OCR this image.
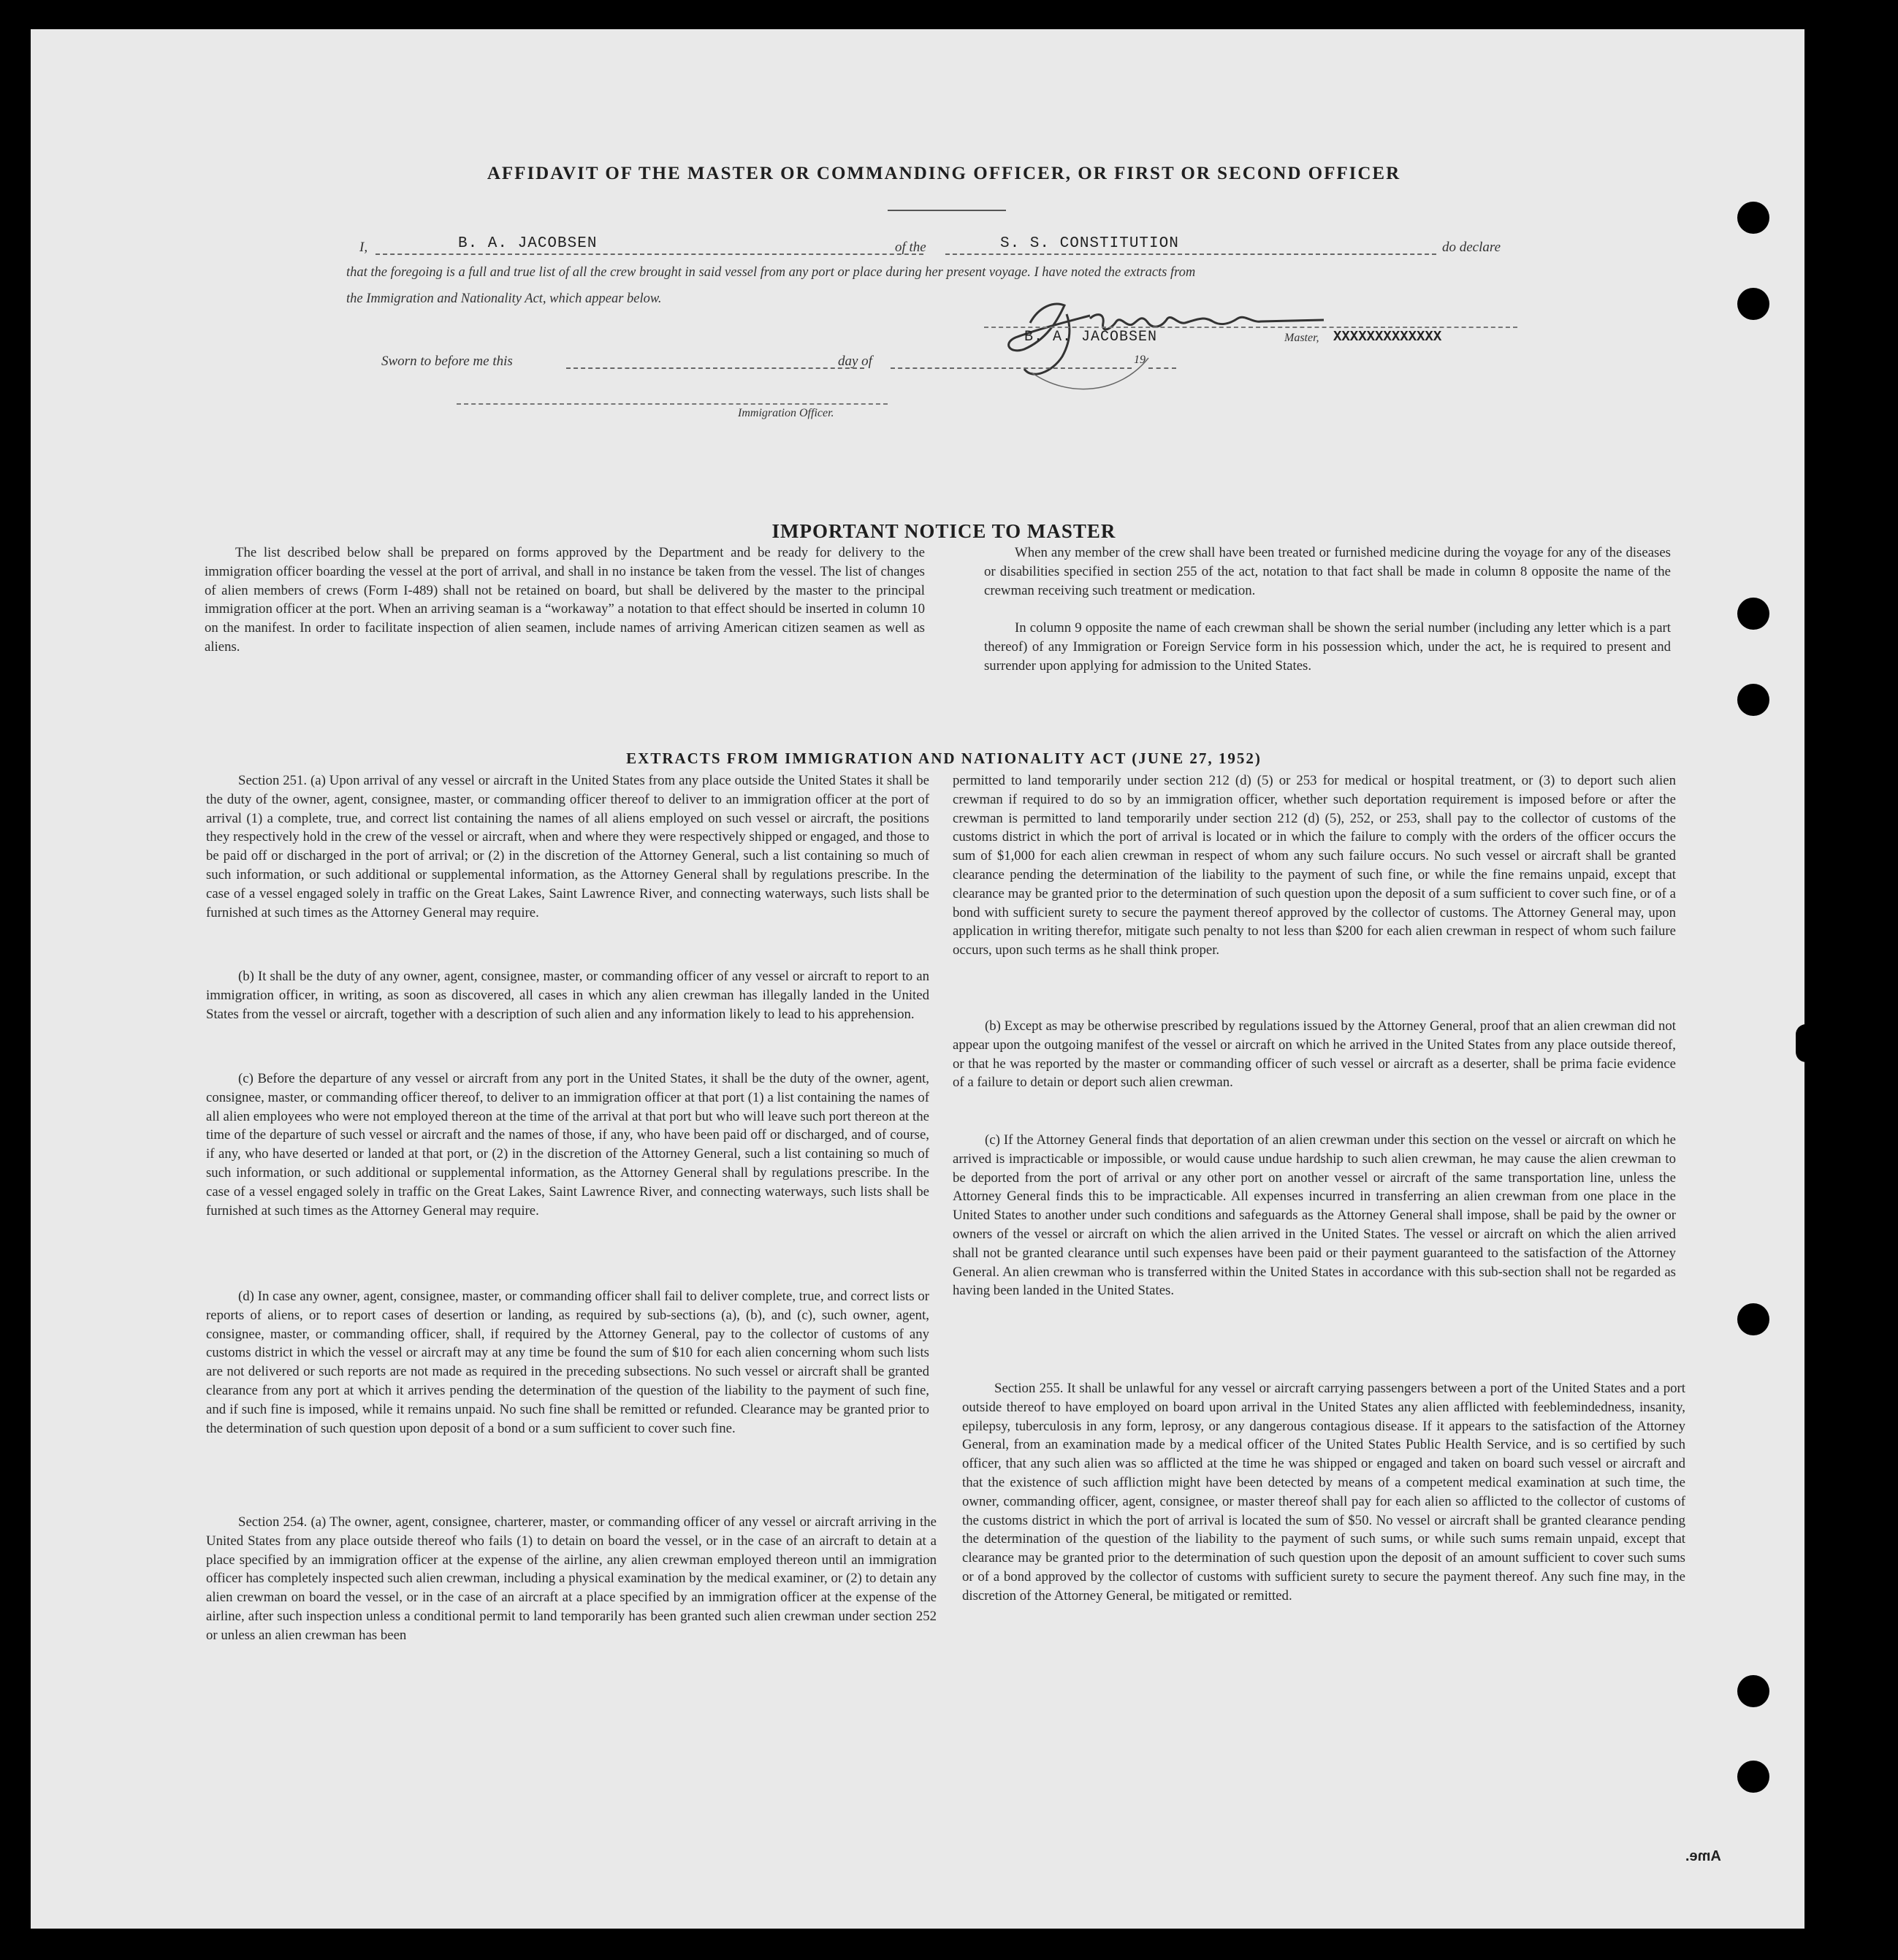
AFFIDAVIT OF THE MASTER OR COMMANDING OFFICER, OR FIRST OR SECOND OFFICER
I,	B. A. JACOBSEN	of the	S. S. CONSTITUTION	do declare
that the foregoing is a full and true list of all the crew brought in said vessel from any port or place during her present voyage. I have noted the extracts from
the Immigration and Nationality Act, which appear below.
B. A. JACOBSEN	Master, XXXXXXXXXXXXX
Sworn to before me this	day of	19
Immigration Officer.
IMPORTANT NOTICE TO MASTER

The list described below shall be prepared on forms approved by the Department and be ready for delivery to the immigration officer boarding the vessel at the port of arrival, and shall in no instance be taken from the vessel. The list of changes of alien members of crews (Form I-489) shall not be retained on board, but shall be delivered by the master to the principal immigration officer at the port. When an arriving seaman is a “workaway” a notation to that effect should be inserted in column 10 on the manifest. In order to facilitate inspection of alien seamen, include names of arriving American citizen seamen as well as aliens.

When any member of the crew shall have been treated or furnished medicine during the voyage for any of the diseases or disabilities specified in section 255 of the act, notation to that fact shall be made in column 8 opposite the name of the crewman receiving such treatment or medication.

In column 9 opposite the name of each crewman shall be shown the serial number (including any letter which is a part thereof) of any Immigration or Foreign Service form in his possession which, under the act, he is required to present and surrender upon applying for admission to the United States.

EXTRACTS FROM IMMIGRATION AND NATIONALITY ACT (JUNE 27, 1952)

Section 251. (a) Upon arrival of any vessel or aircraft in the United States from any place outside the United States it shall be the duty of the owner, agent, consignee, master, or commanding officer thereof to deliver to an immigration officer at the port of arrival (1) a complete, true, and correct list containing the names of all aliens employed on such vessel or aircraft, the positions they respectively hold in the crew of the vessel or aircraft, when and where they were respectively shipped or engaged, and those to be paid off or discharged in the port of arrival; or (2) in the discretion of the Attorney General, such a list containing so much of such information, or such additional or supplemental information, as the Attorney General shall by regulations prescribe. In the case of a vessel engaged solely in traffic on the Great Lakes, Saint Lawrence River, and connecting waterways, such lists shall be furnished at such times as the Attorney General may require.

(b) It shall be the duty of any owner, agent, consignee, master, or commanding officer of any vessel or aircraft to report to an immigration officer, in writing, as soon as discovered, all cases in which any alien crewman has illegally landed in the United States from the vessel or aircraft, together with a description of such alien and any information likely to lead to his apprehension.

(c) Before the departure of any vessel or aircraft from any port in the United States, it shall be the duty of the owner, agent, consignee, master, or commanding officer thereof, to deliver to an immigration officer at that port (1) a list containing the names of all alien employees who were not employed thereon at the time of the arrival at that port but who will leave such port thereon at the time of the departure of such vessel or aircraft and the names of those, if any, who have been paid off or discharged, and of course, if any, who have deserted or landed at that port, or (2) in the discretion of the Attorney General, such a list containing so much of such information, or such additional or supplemental information, as the Attorney General shall by regulations prescribe. In the case of a vessel engaged solely in traffic on the Great Lakes, Saint Lawrence River, and connecting waterways, such lists shall be furnished at such times as the Attorney General may require.

(d) In case any owner, agent, consignee, master, or commanding officer shall fail to deliver complete, true, and correct lists or reports of aliens, or to report cases of desertion or landing, as required by sub-sections (a), (b), and (c), such owner, agent, consignee, master, or commanding officer, shall, if required by the Attorney General, pay to the collector of customs of any customs district in which the vessel or aircraft may at any time be found the sum of $10 for each alien concerning whom such lists are not delivered or such reports are not made as required in the preceding subsections. No such vessel or aircraft shall be granted clearance from any port at which it arrives pending the determination of the question of the liability to the payment of such fine, and if such fine is imposed, while it remains unpaid. No such fine shall be remitted or refunded. Clearance may be granted prior to the determination of such question upon deposit of a bond or a sum sufficient to cover such fine.

Section 254. (a) The owner, agent, consignee, charterer, master, or commanding officer of any vessel or aircraft arriving in the United States from any place outside thereof who fails (1) to detain on board the vessel, or in the case of an aircraft to detain at a place specified by an immigration officer at the expense of the airline, any alien crewman employed thereon until an immigration officer has completely inspected such alien crewman, including a physical examination by the medical examiner, or (2) to detain any alien crewman on board the vessel, or in the case of an aircraft at a place specified by an immigration officer at the expense of the airline, after such inspection unless a conditional permit to land temporarily has been granted such alien crewman under section 252 or unless an alien crewman has been

permitted to land temporarily under section 212 (d) (5) or 253 for medical or hospital treatment, or (3) to deport such alien crewman if required to do so by an immigration officer, whether such deportation requirement is imposed before or after the crewman is permitted to land temporarily under section 212 (d) (5), 252, or 253, shall pay to the collector of customs of the customs district in which the port of arrival is located or in which the failure to comply with the orders of the officer occurs the sum of $1,000 for each alien crewman in respect of whom any such failure occurs. No such vessel or aircraft shall be granted clearance pending the determination of the liability to the payment of such fine, or while the fine remains unpaid, except that clearance may be granted prior to the determination of such question upon the deposit of a sum sufficient to cover such fine, or of a bond with sufficient surety to secure the payment thereof approved by the collector of customs. The Attorney General may, upon application in writing therefor, mitigate such penalty to not less than $200 for each alien crewman in respect of whom such failure occurs, upon such terms as he shall think proper.

(b) Except as may be otherwise prescribed by regulations issued by the Attorney General, proof that an alien crewman did not appear upon the outgoing manifest of the vessel or aircraft on which he arrived in the United States from any place outside thereof, or that he was reported by the master or commanding officer of such vessel or aircraft as a deserter, shall be prima facie evidence of a failure to detain or deport such alien crewman.

(c) If the Attorney General finds that deportation of an alien crewman under this section on the vessel or aircraft on which he arrived is impracticable or impossible, or would cause undue hardship to such alien crewman, he may cause the alien crewman to be deported from the port of arrival or any other port on another vessel or aircraft of the same transportation line, unless the Attorney General finds this to be impracticable. All expenses incurred in transferring an alien crewman from one place in the United States to another under such conditions and safeguards as the Attorney General shall impose, shall be paid by the owner or owners of the vessel or aircraft on which the alien arrived in the United States. The vessel or aircraft on which the alien arrived shall not be granted clearance until such expenses have been paid or their payment guaranteed to the satisfaction of the Attorney General. An alien crewman who is transferred within the United States in accordance with this sub-section shall not be regarded as having been landed in the United States.

Section 255. It shall be unlawful for any vessel or aircraft carrying passengers between a port of the United States and a port outside thereof to have employed on board upon arrival in the United States any alien afflicted with feeblemindedness, insanity, epilepsy, tuberculosis in any form, leprosy, or any dangerous contagious disease. If it appears to the satisfaction of the Attorney General, from an examination made by a medical officer of the United States Public Health Service, and is so certified by such officer, that any such alien was so afflicted at the time he was shipped or engaged and taken on board such vessel or aircraft and that the existence of such affliction might have been detected by means of a competent medical examination at such time, the owner, commanding officer, agent, consignee, or master thereof shall pay for each alien so afflicted to the collector of customs of the customs district in which the port of arrival is located the sum of $50. No vessel or aircraft shall be granted clearance pending the determination of the question of the liability to the payment of such sums, or while such sums remain unpaid, except that clearance may be granted prior to the determination of such question upon the deposit of an amount sufficient to cover such sums or of a bond approved by the collector of customs with sufficient surety to secure the payment thereof. Any such fine may, in the discretion of the Attorney General, be mitigated or remitted.

Ame.
